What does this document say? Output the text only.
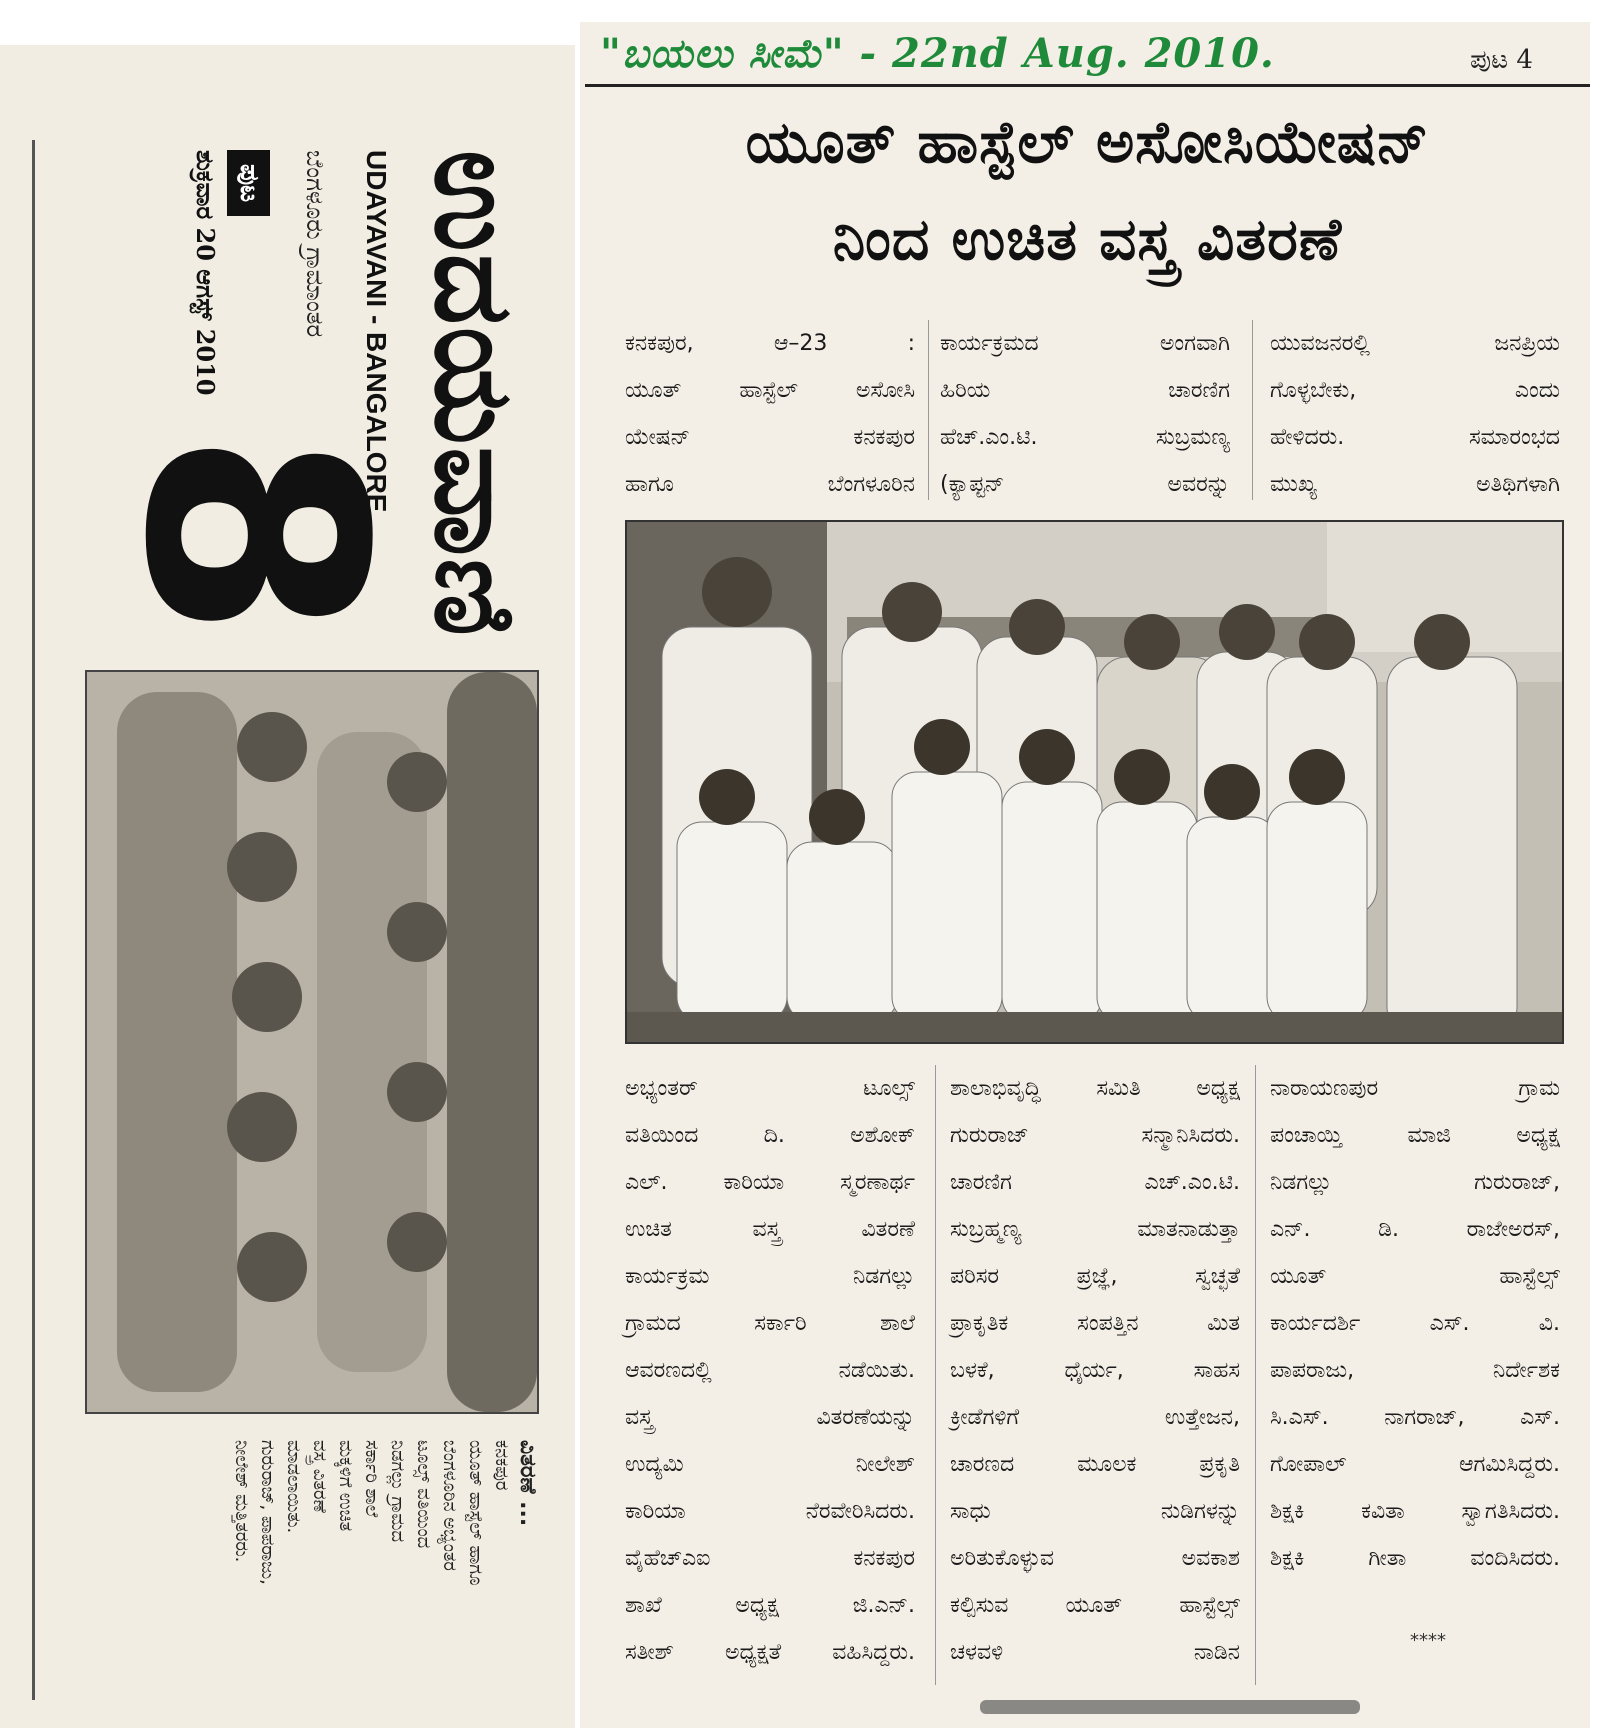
ಉದಯವಾಣಿ
UDAYAVANI - BANGALORE
ಬೆಂಗಳೂರು ಗ್ರಾಮಾಂತರ
ಪುಟ
ಶುಕ್ರವಾರ 20 ಆಗಸ್ಟ್ 2010
8
ವಿತರಣೆ ...
ಕನಕಪುರ
ಯೂತ್ ಹಾಸ್ಟೆಲ್ ಹಾಗೂ
ಬೆಂಗಳೂರಿನ ಅಭ್ಯಂತರ
ಟೂಲ್ಸ್ ವತಿಯಿಂದ
ನಿಡಗಲ್ಲು ಗ್ರಾಮದ
ಸರ್ಕಾರಿ ಶಾಲೆ
ಮಕ್ಕಳಿಗೆ ಉಚಿತ
ವಸ್ತ್ರ ವಿತರಣೆ
ಮಾಡಲಾಯಿತು.
ಗುರುರಾಜ್, ಪಾಪರಾಜು,
ನೀಲೇಶ್ ಮತ್ತಿತರರು.
"ಬಯಲು ಸೀಮೆ" - 22nd Aug. 2010.	ಪುಟ 4
ಯೂತ್ ಹಾಸ್ಟೆಲ್ ಅಸೋಸಿಯೇಷನ್
ನಿಂದ ಉಚಿತ ವಸ್ತ್ರ ವಿತರಣೆ

ಕನಕಪುರ, ಆ–23 :

ಯೂತ್ ಹಾಸ್ಟೆಲ್ ಅಸೋಸಿ

ಯೇಷನ್ ಕನಕಪುರ

ಹಾಗೂ ಬೆಂಗಳೂರಿನ

ಕಾರ್ಯಕ್ರಮದ ಅಂಗವಾಗಿ

ಹಿರಿಯ ಚಾರಣಿಗ

ಹೆಚ್.ಎಂ.ಟಿ. ಸುಬ್ರಮಣ್ಯ

(ಕ್ಯಾಪ್ಟನ್ ಅವರನ್ನು

ಯುವಜನರಲ್ಲಿ ಜನಪ್ರಿಯ

ಗೊಳ್ಳಬೇಕು, ಎಂದು

ಹೇಳಿದರು. ಸಮಾರಂಭದ

ಮುಖ್ಯ ಅತಿಥಿಗಳಾಗಿ

ಅಭ್ಯಂತರ್ ಟೂಲ್ಸ್

ವತಿಯಿಂದ ದಿ. ಅಶೋಕ್

ಎಲ್. ಕಾರಿಯಾ ಸ್ಮರಣಾರ್ಥ

ಉಚಿತ ವಸ್ತ್ರ ವಿತರಣೆ

ಕಾರ್ಯಕ್ರಮ ನಿಡಗಲ್ಲು

ಗ್ರಾಮದ ಸರ್ಕಾರಿ ಶಾಲೆ

ಆವರಣದಲ್ಲಿ ನಡೆಯಿತು.

ವಸ್ತ್ರ ವಿತರಣೆಯನ್ನು

ಉದ್ಯಮಿ ನೀಲೇಶ್

ಕಾರಿಯಾ ನೆರವೇರಿಸಿದರು.

ವೈಹೆಚ್ಎಐ ಕನಕಪುರ

ಶಾಖೆ ಅಧ್ಯಕ್ಷ ಜಿ.ಎನ್.

ಸತೀಶ್ ಅಧ್ಯಕ್ಷತೆ ವಹಿಸಿದ್ದರು.

ಶಾಲಾಭಿವೃದ್ಧಿ ಸಮಿತಿ ಅಧ್ಯಕ್ಷ

ಗುರುರಾಜ್ ಸನ್ಮಾನಿಸಿದರು.

ಚಾರಣಿಗ ಎಚ್.ಎಂ.ಟಿ.

ಸುಬ್ರಹ್ಮಣ್ಯ ಮಾತನಾಡುತ್ತಾ

ಪರಿಸರ ಪ್ರಜ್ಞೆ, ಸ್ವಚ್ಛತೆ

ಪ್ರಾಕೃತಿಕ ಸಂಪತ್ತಿನ ಮಿತ

ಬಳಕೆ, ಧೈರ್ಯ, ಸಾಹಸ

ಕ್ರೀಡೆಗಳಿಗೆ ಉತ್ತೇಜನ,

ಚಾರಣದ ಮೂಲಕ ಪ್ರಕೃತಿ

ಸಾಧು ನುಡಿಗಳನ್ನು

ಅರಿತುಕೊಳ್ಳುವ ಅವಕಾಶ

ಕಲ್ಪಿಸುವ ಯೂತ್ ಹಾಸ್ಟೆಲ್ಸ್

ಚಳವಳಿ ನಾಡಿನ

ನಾರಾಯಣಪುರ ಗ್ರಾಮ

ಪಂಚಾಯ್ತಿ ಮಾಜಿ ಅಧ್ಯಕ್ಷ

ನಿಡಗಲ್ಲು ಗುರುರಾಜ್,

ಎನ್. ಡಿ. ರಾಜೇಅರಸ್,

ಯೂತ್ ಹಾಸ್ಟೆಲ್ಸ್

ಕಾರ್ಯದರ್ಶಿ ಎಸ್. ವಿ.

ಪಾಪರಾಜು, ನಿರ್ದೇಶಕ

ಸಿ.ಎಸ್. ನಾಗರಾಜ್, ಎಸ್.

ಗೋಪಾಲ್ ಆಗಮಿಸಿದ್ದರು.

ಶಿಕ್ಷಕಿ ಕವಿತಾ ಸ್ವಾಗತಿಸಿದರು.

ಶಿಕ್ಷಕಿ ಗೀತಾ ವಂದಿಸಿದರು.

****
